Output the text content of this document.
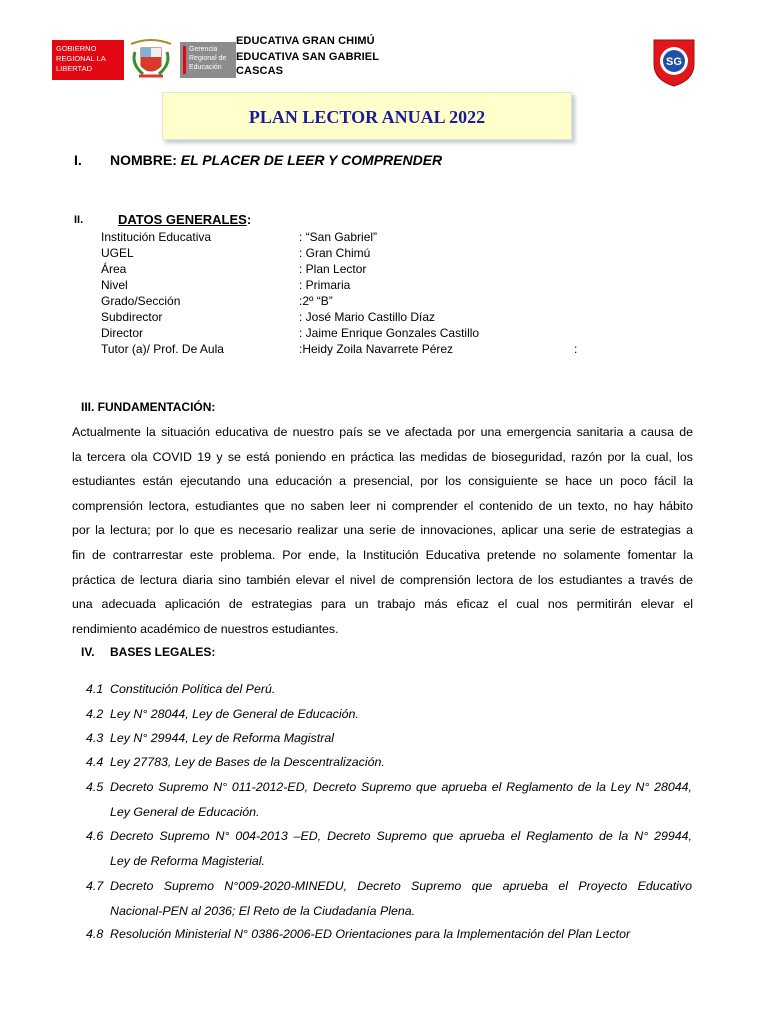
GOBIERNO
REGIONAL LA
LIBERTAD
Gerencia
Regional de
Educación	SG
EDUCATIVA GRAN CHIMÚ
EDUCATIVA SAN GABRIEL
CASCAS
PLAN LECTOR ANUAL 2022
I. NOMBRE: EL PLACER DE LEER Y COMPRENDER
II.	DATOS GENERALES:
Institución Educativa	: “San Gabriel”
UGEL	: Gran Chimú
Área	: Plan Lector
Nivel	: Primaria
Grado/Sección	:2º “B”
Subdirector	: José Mario Castillo Díaz
Director	: Jaime Enrique Gonzales Castillo
Tutor (a)/ Prof. De Aula	:Heidy Zoila Navarrete Pérez	:
III. FUNDAMENTACIÓN:
Actualmente la situación educativa de nuestro país se ve afectada por una emergencia sanitaria a causa de
la tercera ola COVID 19 y se está poniendo en práctica las medidas de bioseguridad, razón por la cual, los
estudiantes están ejecutando una educación a presencial, por los consiguiente se hace un poco fácil la
comprensión lectora, estudiantes que no saben leer ni comprender el contenido de un texto, no hay hábito
por la lectura; por lo que es necesario realizar una serie de innovaciones, aplicar una serie de estrategias a
fin de contrarrestar este problema. Por ende, la Institución Educativa pretende no solamente fomentar la
práctica de lectura diaria sino también elevar el nivel de comprensión lectora de los estudiantes a través de
una adecuada aplicación de estrategias para un trabajo más eficaz el cual nos permitirán elevar el
rendimiento académico de nuestros estudiantes.
IV. BASES LEGALES:
4.1 Constitución Política del Perú.
4.2 Ley N° 28044, Ley de General de Educación.
4.3 Ley N° 29944, Ley de Reforma Magistral
4.4 Ley 27783, Ley de Bases de la Descentralización.
4.5 Decreto Supremo N° 011-2012-ED, Decreto Supremo que aprueba el Reglamento de la Ley N° 28044,
Ley General de Educación.
4.6 Decreto Supremo N° 004-2013 –ED, Decreto Supremo que aprueba el Reglamento de la N° 29944,
Ley de Reforma Magisterial.
4.7 Decreto Supremo N°009-2020-MINEDU, Decreto Supremo que aprueba el Proyecto Educativo
Nacional-PEN al 2036; El Reto de la Ciudadanía Plena.
4.8 Resolución Ministerial N° 0386-2006-ED Orientaciones para la Implementación del Plan Lector
